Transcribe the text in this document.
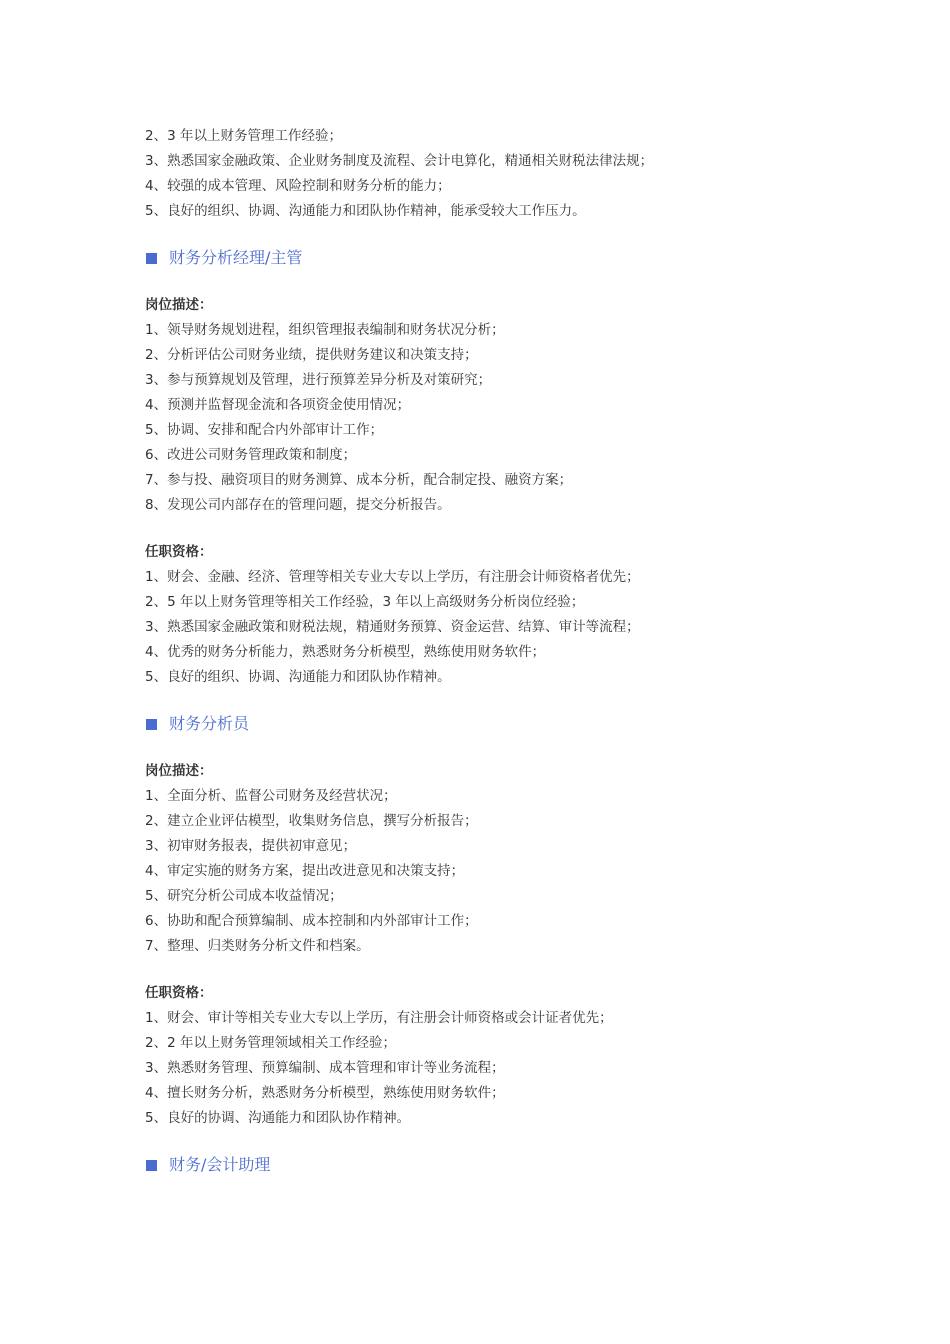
2、3 年以上财务管理工作经验；
3、熟悉国家金融政策、企业财务制度及流程、会计电算化，精通相关财税法律法规；
4、较强的成本管理、风险控制和财务分析的能力；
5、良好的组织、协调、沟通能力和团队协作精神，能承受较大工作压力。
财务分析经理/主管
岗位描述：
1、领导财务规划进程，组织管理报表编制和财务状况分析；
2、分析评估公司财务业绩，提供财务建议和决策支持；
3、参与预算规划及管理，进行预算差异分析及对策研究；
4、预测并监督现金流和各项资金使用情况；
5、协调、安排和配合内外部审计工作；
6、改进公司财务管理政策和制度；
7、参与投、融资项目的财务测算、成本分析，配合制定投、融资方案；
8、发现公司内部存在的管理问题，提交分析报告。
任职资格：
1、财会、金融、经济、管理等相关专业大专以上学历，有注册会计师资格者优先；
2、5 年以上财务管理等相关工作经验，3 年以上高级财务分析岗位经验；
3、熟悉国家金融政策和财税法规，精通财务预算、资金运营、结算、审计等流程；
4、优秀的财务分析能力，熟悉财务分析模型，熟练使用财务软件；
5、良好的组织、协调、沟通能力和团队协作精神。
财务分析员
岗位描述：
1、全面分析、监督公司财务及经营状况；
2、建立企业评估模型，收集财务信息，撰写分析报告；
3、初审财务报表，提供初审意见；
4、审定实施的财务方案，提出改进意见和决策支持；
5、研究分析公司成本收益情况；
6、协助和配合预算编制、成本控制和内外部审计工作；
7、整理、归类财务分析文件和档案。
任职资格：
1、财会、审计等相关专业大专以上学历，有注册会计师资格或会计证者优先；
2、2 年以上财务管理领域相关工作经验；
3、熟悉财务管理、预算编制、成本管理和审计等业务流程；
4、擅长财务分析，熟悉财务分析模型，熟练使用财务软件；
5、良好的协调、沟通能力和团队协作精神。
财务/会计助理
